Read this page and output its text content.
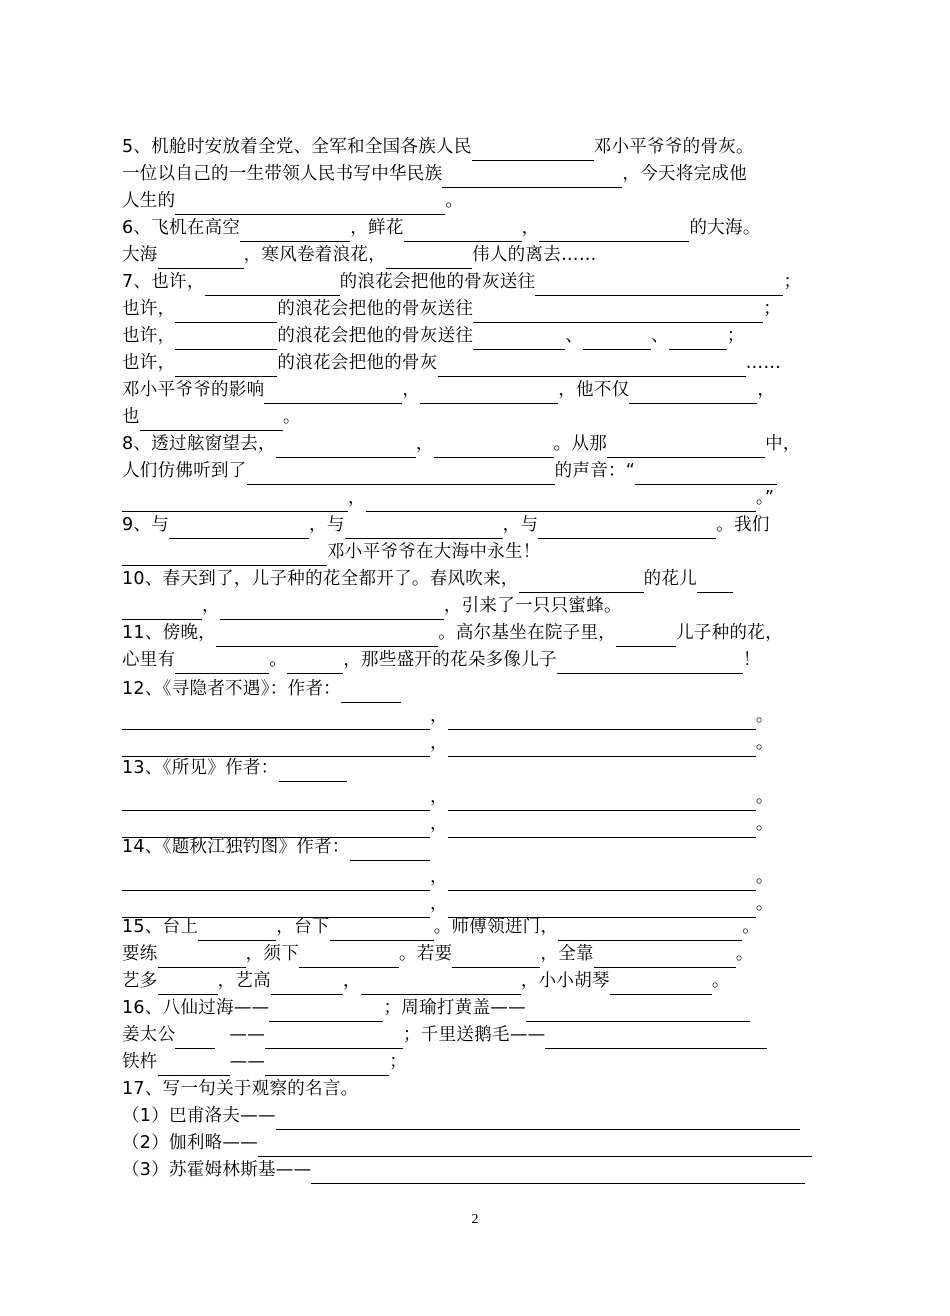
5、机舱时安放着全党、全军和全国各族人民	邓小平爷爷的骨灰。
一位以自己的一生带领人民书写中华民族	，今天将完成他
人生的	。
6、飞机在高空	，鲜花	，	的大海。
大海	，寒风卷着浪花，	伟人的离去……
7、也许，	的浪花会把他的骨灰送往	；
也许，	的浪花会把他的骨灰送往	；
也许，	的浪花会把他的骨灰送往	、	、	；
也许，	的浪花会把他的骨灰	……
邓小平爷爷的影响	，	，他不仅	，
也	。
8、透过舷窗望去，	，	。从那	中，
人们仿佛听到了	的声音：“
，	。”
9、与	，与	，与	。我们
邓小平爷爷在大海中永生！
10、春天到了，儿子种的花全都开了。春风吹来，	的花儿
，	，引来了一只只蜜蜂。
11、傍晚，	。高尔基坐在院子里，	儿子种的花，
心里有	。	，那些盛开的花朵多像儿子	！
12、《寻隐者不遇》：作者：
，	。
，	。
13、《所见》作者：
，	。
，	。
14、《题秋江独钓图》作者：
，	。
，	。
15、台上	，台下	。师傅领进门，	。
要练	，须下	。若要	，全靠	。
艺多	，艺高	，	，小小胡琴	。
16、八仙过海——	；周瑜打黄盖——
姜太公	——	；千里送鹅毛——
铁杵	——	；
17、写一句关于观察的名言。
（1）巴甫洛夫——
（2）伽利略——
（3）苏霍姆林斯基——
2
